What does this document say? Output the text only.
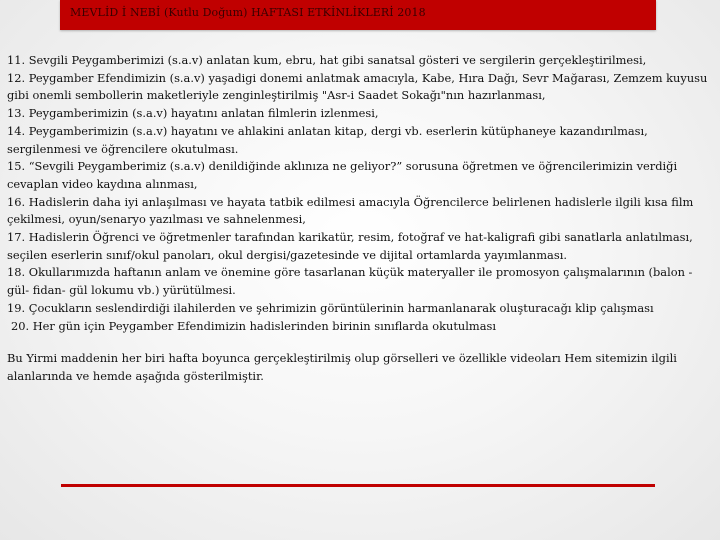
MEVLİD İ NEBİ (Kutlu Doğum) HAFTASI ETKİNLİKLERİ 2018

11. Sevgili Peygamberimizi (s.a.v) anlatan kum, ebru, hat gibi sanatsal gösteri ve sergilerin gerçekleştirilmesi,

12. Peygamber Efendimizin (s.a.v) yaşadigi donemi anlatmak amacıyla, Kabe, Hıra Dağı, Sevr Mağarası, Zemzem kuyusu gibi onemli sembollerin maketleriyle zenginleştirilmiş "Asr-i Saadet Sokağı"nın hazırlanması,

13. Peygamberimizin (s.a.v) hayatını anlatan filmlerin izlenmesi,

14. Peygamberimizin (s.a.v) hayatını ve ahlakini anlatan kitap, dergi vb. eserlerin kütüphaneye kazandırılması, sergilenmesi ve öğrencilere okutulması.

15. “Sevgili Peygamberimiz (s.a.v) denildiğinde aklınıza ne geliyor?” sorusuna öğretmen ve öğrencilerimizin verdiği cevaplan video kaydına alınması,

16. Hadislerin daha iyi anlaşılması ve hayata tatbik edilmesi amacıyla Öğrencilerce belirlenen hadislerle ilgili kısa film çekilmesi, oyun/senaryo yazılması ve sahnelenmesi,

17. Hadislerin Öğrenci ve öğretmenler tarafından karikatür, resim, fotoğraf ve hat-kaligrafi gibi sanatlarla anlatılması, seçilen eserlerin sınıf/okul panoları, okul dergisi/gazetesinde ve dijital ortamlarda yayımlanması.

18. Okullarımızda haftanın anlam ve önemine göre tasarlanan küçük materyaller ile promosyon çalışmalarının (balon - gül- fidan- gül lokumu vb.) yürütülmesi.

19. Çocukların seslendirdiği ilahilerden ve şehrimizin görüntülerinin harmanlanarak oluşturacağı klip çalışması

20. Her gün için Peygamber Efendimizin hadislerinden birinin sınıflarda okutulması

Bu Yirmi maddenin her biri hafta boyunca gerçekleştirilmiş olup görselleri ve özellikle videoları Hem sitemizin ilgili alanlarında ve hemde aşağıda gösterilmiştir.
